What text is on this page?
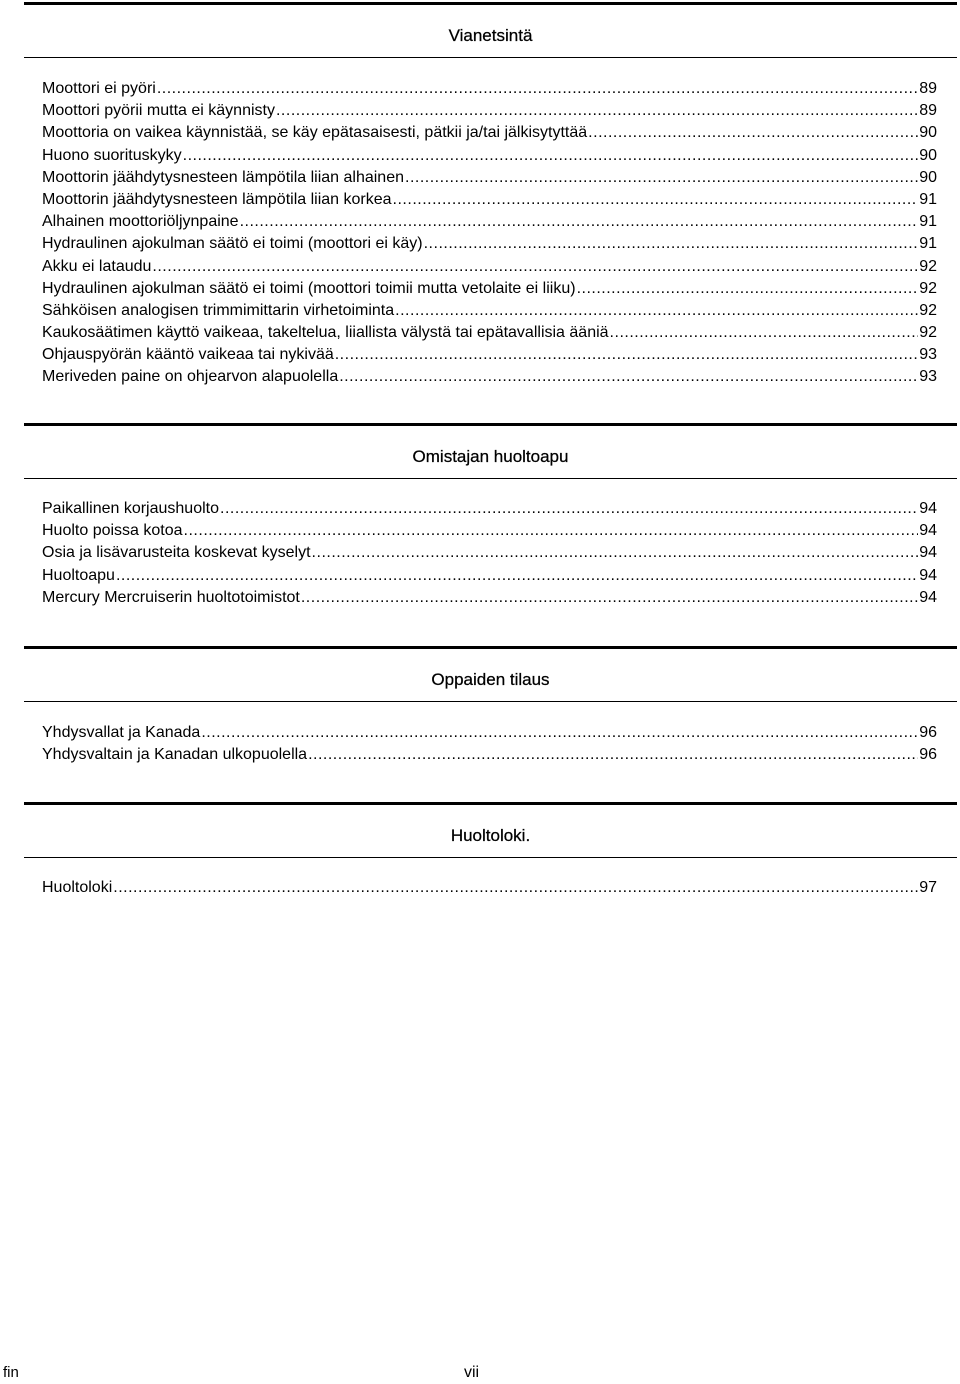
Vianetsintä
Moottori ei pyöri .....	89
Moottori pyörii mutta ei käynnisty .....	89
Moottoria on vaikea käynnistää, se käy epätasaisesti, pätkii ja/tai jälkisytyttää .....	90
Huono suorituskyky .....	90
Moottorin jäähdytysnesteen lämpötila liian alhainen .....	90
Moottorin jäähdytysnesteen lämpötila liian korkea .....	91
Alhainen moottoriöljynpaine .....	91
Hydraulinen ajokulman säätö ei toimi (moottori ei käy) .....	91
Akku ei lataudu .....	92
Hydraulinen ajokulman säätö ei toimi (moottori toimii mutta vetolaite ei liiku) .....	92
Sähköisen analogisen trimmimittarin virhetoiminta .....	92
Kaukosäätimen käyttö vaikeaa, takeltelua, liiallista välystä tai epätavallisia ääniä .....	92
Ohjauspyörän kääntö vaikeaa tai nykivää .....	93
Meriveden paine on ohjearvon alapuolella .....	93
Omistajan huoltoapu
Paikallinen korjaushuolto .....	94
Huolto poissa kotoa .....	94
Osia ja lisävarusteita koskevat kyselyt .....	94
Huoltoapu .....	94
Mercury Mercruiserin huoltotoimistot .....	94
Oppaiden tilaus
Yhdysvallat ja Kanada .....	96
Yhdysvaltain ja Kanadan ulkopuolella .....	96
Huoltoloki.
Huoltoloki .....	97
fin	vii
